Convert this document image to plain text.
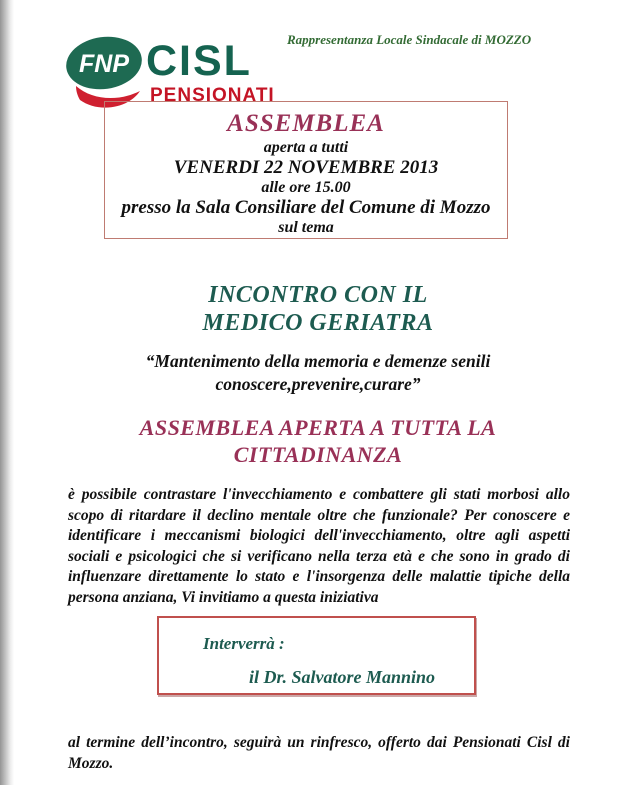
FNP CISL
PENSIONATI
Rappresentanza Locale Sindacale di MOZZO
ASSEMBLEA
aperta a tutti
VENERDI 22 NOVEMBRE 2013
alle ore 15.00
presso la Sala Consiliare del Comune di Mozzo
sul tema
INCONTRO CON IL
MEDICO GERIATRA
“Mantenimento della memoria e demenze senili
conoscere,prevenire,curare”
ASSEMBLEA APERTA A TUTTA LA
CITTADINANZA

è possibile contrastare l'invecchiamento e combattere gli stati morbosi allo scopo di ritardare il declino mentale oltre che funzionale? Per conoscere e identificare i meccanismi biologici dell'invecchiamento, oltre agli aspetti sociali e psicologici che si verificano nella terza età e che sono in grado di influenzare direttamente lo stato e l'insorgenza delle malattie tipiche della persona anziana, Vi invitiamo a questa iniziativa

Interverrà :
il Dr. Salvatore Mannino

al termine dell’incontro, seguirà un rinfresco, offerto dai Pensionati Cisl di Mozzo.
